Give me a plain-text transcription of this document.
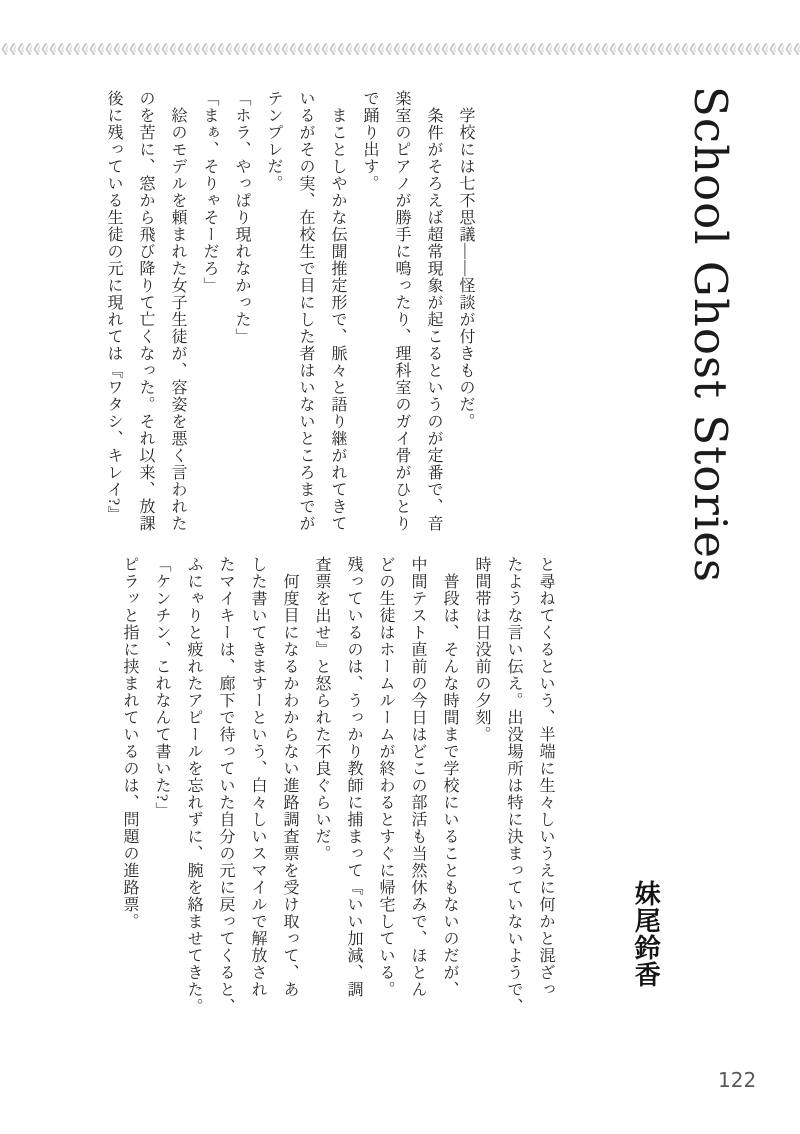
School Ghost Stories

　学校には七不思議――怪談が付きものだ。

　条件がそろえば超常現象が起こるというのが定番で、音

楽室のピアノが勝手に鳴ったり、理科室のガイ骨がひとり

で踊り出す。

　まことしやかな伝聞推定形で、脈々と語り継がれてきて

いるがその実、在校生で目にした者はいないところまでが

テンプレだ。

「ホラ、やっぱり現れなかった」

「まぁ、そりゃそーだろ」

　絵のモデルを頼まれた女子生徒が、容姿を悪く言われた

のを苦に、窓から飛び降りて亡くなった。それ以来、放課

後に残っている生徒の元に現れては『ワタシ、キレイ?』

と尋ねてくるという、半端に生々しいうえに何かと混ざっ

たような言い伝え。出没場所は特に決まっていないようで、

時間帯は日没前の夕刻。

　普段は、そんな時間まで学校にいることもないのだが、

中間テスト直前の今日はどこの部活も当然休みで、ほとん

どの生徒はホームルームが終わるとすぐに帰宅している。

残っているのは、うっかり教師に捕まって『いい加減、調

査票を出せ』と怒られた不良ぐらいだ。

　何度目になるかわからない進路調査票を受け取って、あ

した書いてきますーという、白々しいスマイルで解放され

たマイキーは、廊下で待っていた自分の元に戻ってくると、

ふにゃりと疲れたアピールを忘れずに、腕を絡ませてきた。

「ケンチン、これなんて書いた?」

ピラッと指に挟まれているのは、問題の進路票。

妹尾鈴香
122
